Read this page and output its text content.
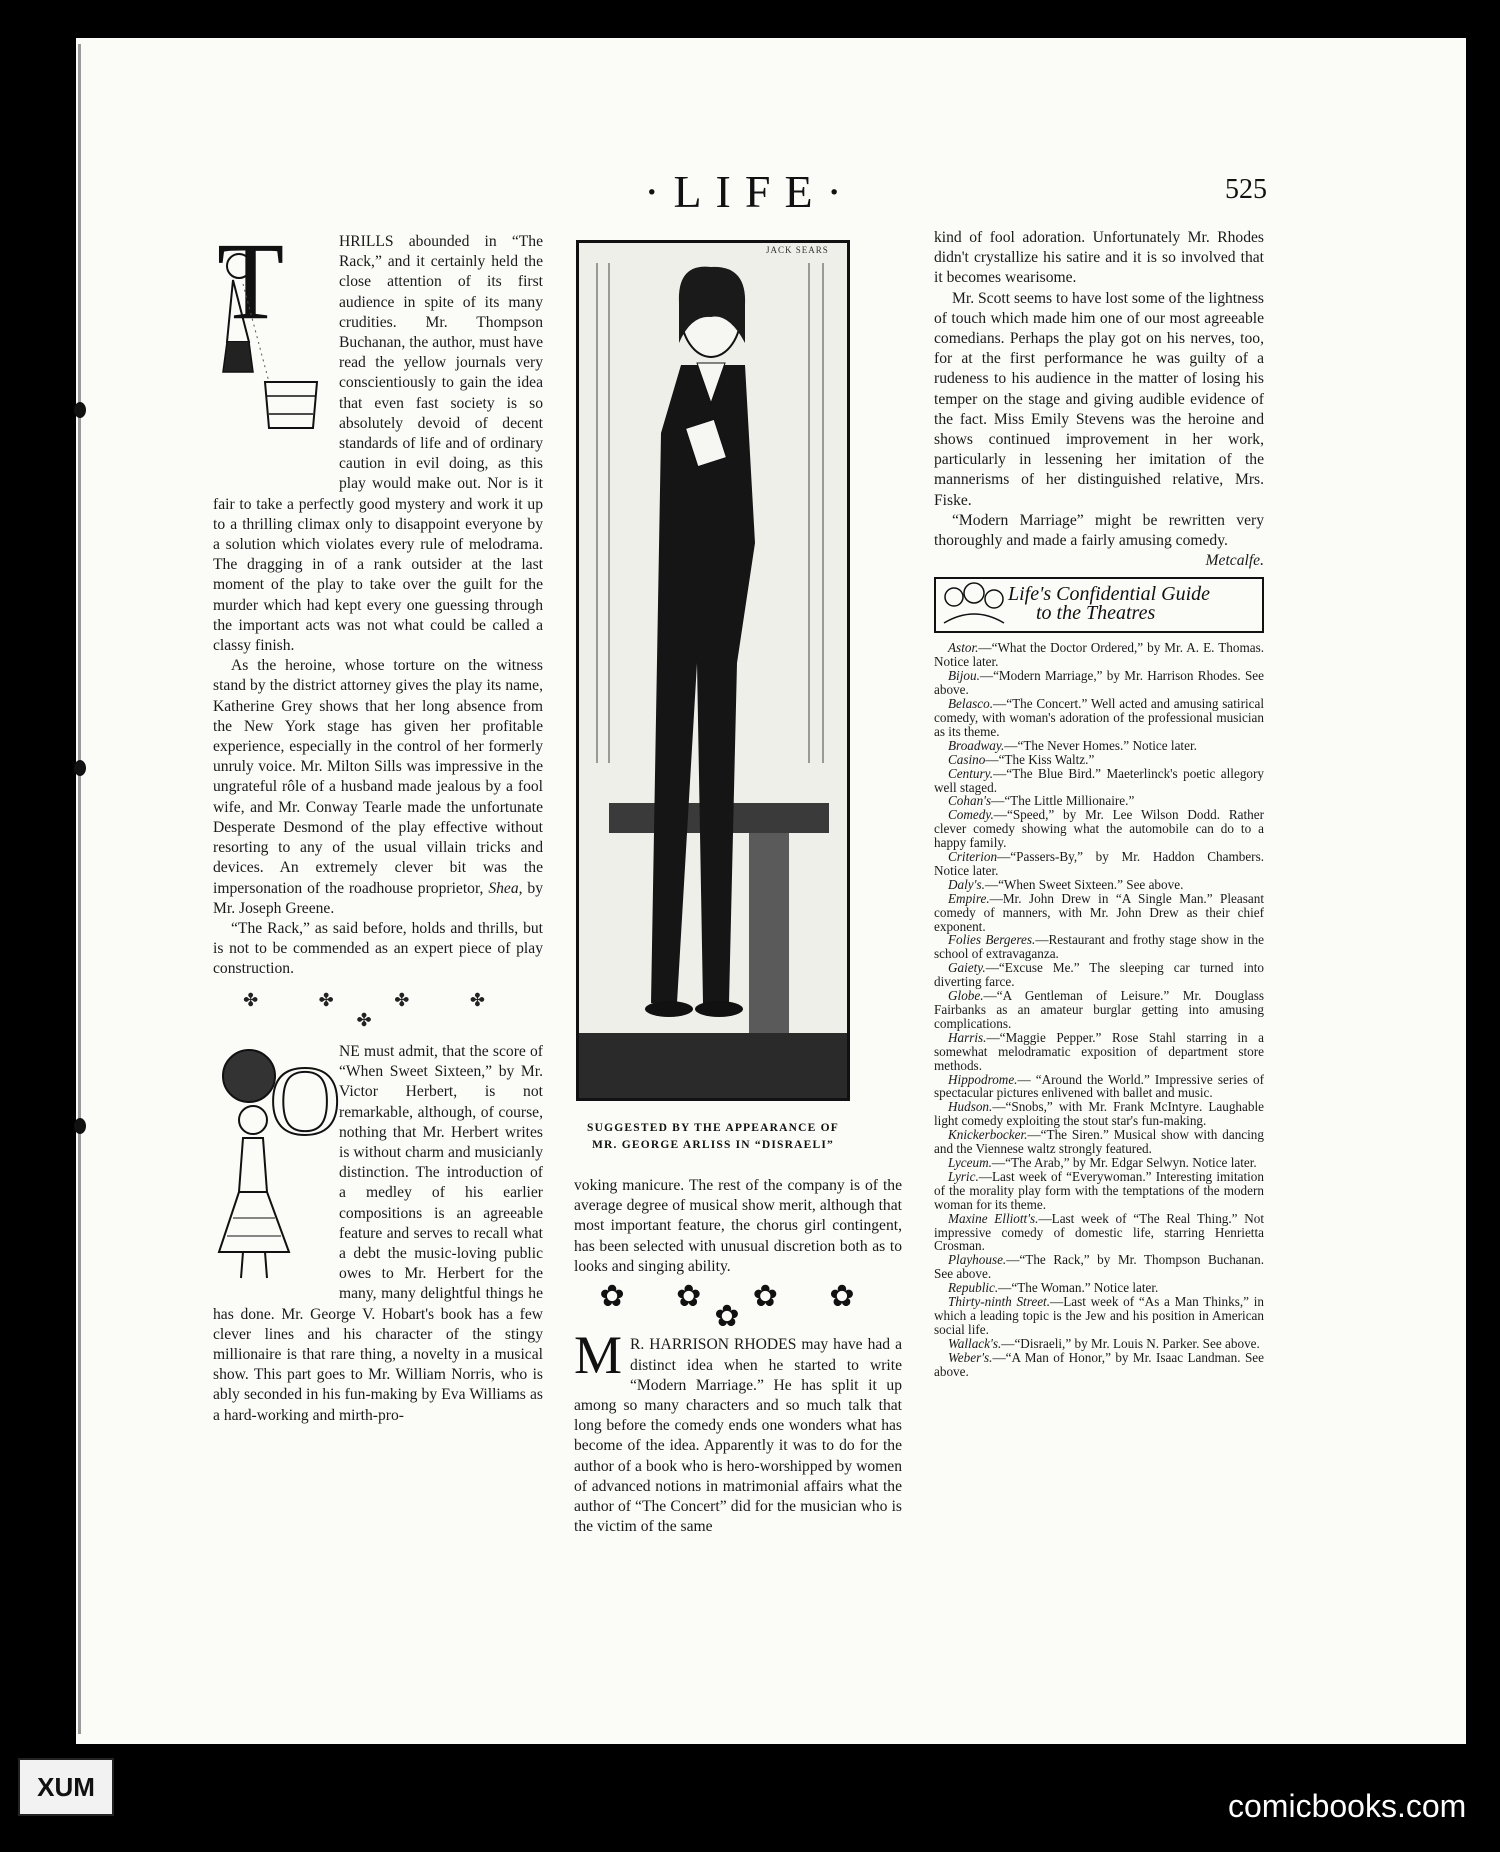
·LIFE·	525
T	HRILLS abounded in “The Rack,” and it certainly held the close attention of its first audience in spite of its many crudities. Mr. Thompson Buchanan, the author, must have read the yellow journals very conscientiously to gain the idea that even fast society is so absolutely devoid of decent standards of life and of ordinary caution in evil doing, as this play would make out. Nor is it fair to take a perfectly good mystery and work it up to a thrilling climax only to disappoint everyone by a solution which violates every rule of melodrama. The dragging in of a rank outsider at the last moment of the play to take over the guilt for the murder which had kept every one guessing through the important acts was not what could be called a classy finish.

As the heroine, whose torture on the witness stand by the district attorney gives the play its name, Katherine Grey shows that her long absence from the New York stage has given her profitable experience, especially in the control of her formerly unruly voice. Mr. Milton Sills was impressive in the ungrateful rôle of a husband made jealous by a fool wife, and Mr. Conway Tearle made the unfortunate Desperate Desmond of the play effective without resorting to any of the usual villain tricks and devices. An extremely clever bit was the impersonation of the roadhouse proprietor, Shea, by Mr. Joseph Greene.

“The Rack,” as said before, holds and thrills, but is not to be commended as an expert piece of play construction.

✤ ✤ ✤ ✤ ✤
O

NE must admit, that the score of “When Sweet Sixteen,” by Mr. Victor Herbert, is not remarkable, although, of course, nothing that Mr. Herbert writes is without charm and musicianly distinction. The introduction of a medley of his earlier compositions is an agreeable feature and serves to recall what a debt the music-loving public owes to Mr. Herbert for the many, many delightful things he has done. Mr. George V. Hobart's book has a few clever lines and his character of the stingy millionaire is that rare thing, a novelty in a musical show. This part goes to Mr. William Norris, who is ably seconded in his fun-making by Eva Williams as a hard-working and mirth-pro-

JACK SEARS
SUGGESTED BY THE APPEARANCE OF
MR. GEORGE ARLISS IN “DISRAELI”

voking manicure. The rest of the company is of the average degree of musical show merit, although that most important feature, the chorus girl contingent, has been selected with unusual discretion both as to looks and singing ability.

✿ ✿ ✿ ✿ ✿

M R. HARRISON RHODES may have had a distinct idea when he started to write “Modern Marriage.” He has split it up among so many characters and so much talk that long before the comedy ends one wonders what has become of the idea. Apparently it was to do for the author of a book who is hero-worshipped by women of advanced notions in matrimonial affairs what the author of “The Concert” did for the musician who is the victim of the same

kind of fool adoration. Unfortunately Mr. Rhodes didn't crystallize his satire and it is so involved that it becomes wearisome.

Mr. Scott seems to have lost some of the lightness of touch which made him one of our most agreeable comedians. Perhaps the play got on his nerves, too, for at the first performance he was guilty of a rudeness to his audience in the matter of losing his temper on the stage and giving audible evidence of the fact. Miss Emily Stevens was the heroine and shows continued improvement in her work, particularly in lessening her imitation of the mannerisms of her distinguished relative, Mrs. Fiske.

“Modern Marriage” might be rewritten very thoroughly and made a fairly amusing comedy.
Metcalfe.

Life's Confidential Guide
to the Theatres

Astor.—“What the Doctor Ordered,” by Mr. A. E. Thomas. Notice later.

Bijou.—“Modern Marriage,” by Mr. Harrison Rhodes. See above.

Belasco.—“The Concert.” Well acted and amusing satirical comedy, with woman's adoration of the professional musician as its theme.

Broadway.—“The Never Homes.” Notice later.

Casino—“The Kiss Waltz.”

Century.—“The Blue Bird.” Maeterlinck's poetic allegory well staged.

Cohan's—“The Little Millionaire.”

Comedy.—“Speed,” by Mr. Lee Wilson Dodd. Rather clever comedy showing what the automobile can do to a happy family.

Criterion—“Passers-By,” by Mr. Haddon Chambers. Notice later.

Daly's.—“When Sweet Sixteen.” See above.

Empire.—Mr. John Drew in “A Single Man.” Pleasant comedy of manners, with Mr. John Drew as their chief exponent.

Folies Bergeres.—Restaurant and frothy stage show in the school of extravaganza.

Gaiety.—“Excuse Me.” The sleeping car turned into diverting farce.

Globe.—“A Gentleman of Leisure.” Mr. Douglass Fairbanks as an amateur burglar getting into amusing complications.

Harris.—“Maggie Pepper.” Rose Stahl starring in a somewhat melodramatic exposition of department store methods.

Hippodrome.— “Around the World.” Impressive series of spectacular pictures enlivened with ballet and music.

Hudson.—“Snobs,” with Mr. Frank McIntyre. Laughable light comedy exploiting the stout star's fun-making.

Knickerbocker.—“The Siren.” Musical show with dancing and the Viennese waltz strongly featured.

Lyceum.—“The Arab,” by Mr. Edgar Selwyn. Notice later.

Lyric.—Last week of “Everywoman.” Interesting imitation of the morality play form with the temptations of the modern woman for its theme.

Maxine Elliott's.—Last week of “The Real Thing.” Not impressive comedy of domestic life, starring Henrietta Crosman.

Playhouse.—“The Rack,” by Mr. Thompson Buchanan. See above.

Republic.—“The Woman.” Notice later.

Thirty-ninth Street.—Last week of “As a Man Thinks,” in which a leading topic is the Jew and his position in American social life.

Wallack's.—“Disraeli,” by Mr. Louis N. Parker. See above.

Weber's.—“A Man of Honor,” by Mr. Isaac Landman. See above.

XUM
comicbooks.com
